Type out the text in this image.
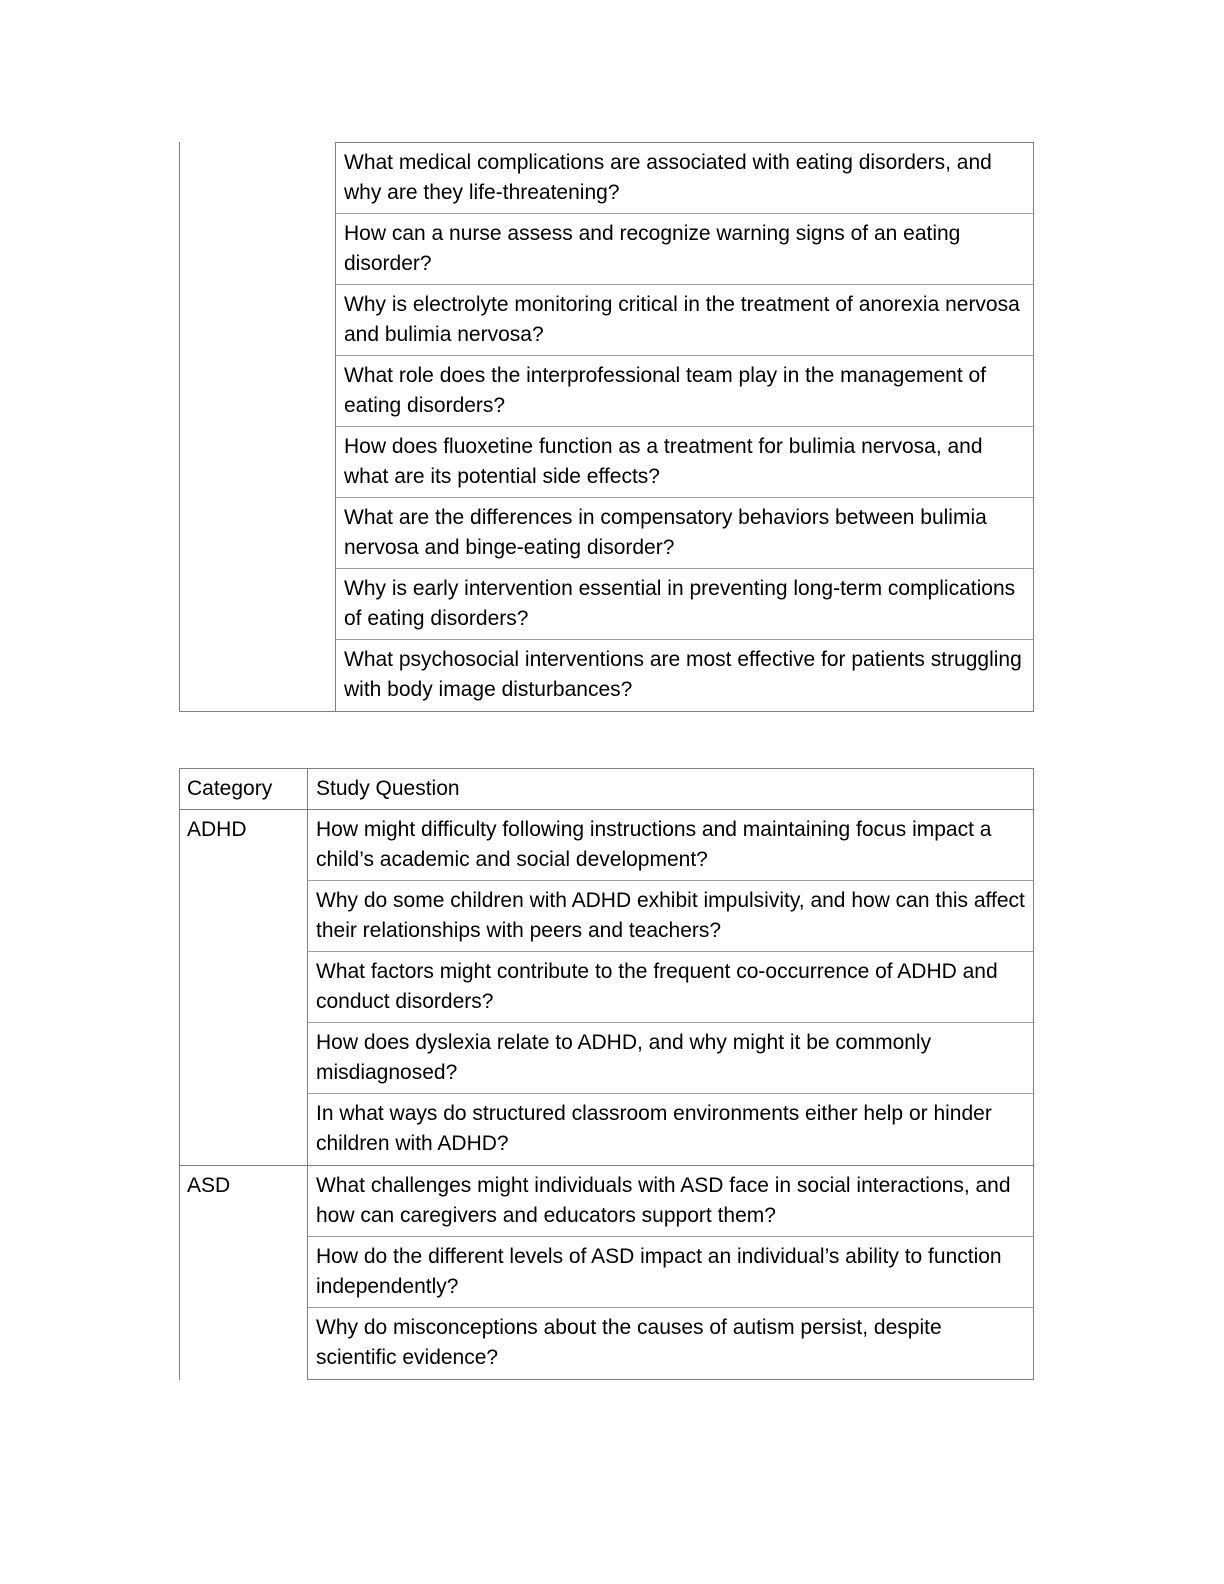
What medical complications are associated with eating disorders, and why are they life-threatening?
How can a nurse assess and recognize warning signs of an eating disorder?
Why is electrolyte monitoring critical in the treatment of anorexia nervosa and bulimia nervosa?
What role does the interprofessional team play in the management of eating disorders?
How does fluoxetine function as a treatment for bulimia nervosa, and what are its potential side effects?
What are the differences in compensatory behaviors between bulimia nervosa and binge-eating disorder?
Why is early intervention essential in preventing long-term complications of eating disorders?
What psychosocial interventions are most effective for patients struggling with body image disturbances?
Category	Study Question
ADHD	How might difficulty following instructions and maintaining focus impact a child’s academic and social development?
Why do some children with ADHD exhibit impulsivity, and how can this affect their relationships with peers and teachers?
What factors might contribute to the frequent co-occurrence of ADHD and conduct disorders?
How does dyslexia relate to ADHD, and why might it be commonly misdiagnosed?
In what ways do structured classroom environments either help or hinder children with ADHD?
ASD	What challenges might individuals with ASD face in social interactions, and how can caregivers and educators support them?
How do the different levels of ASD impact an individual’s ability to function independently?
Why do misconceptions about the causes of autism persist, despite scientific evidence?
